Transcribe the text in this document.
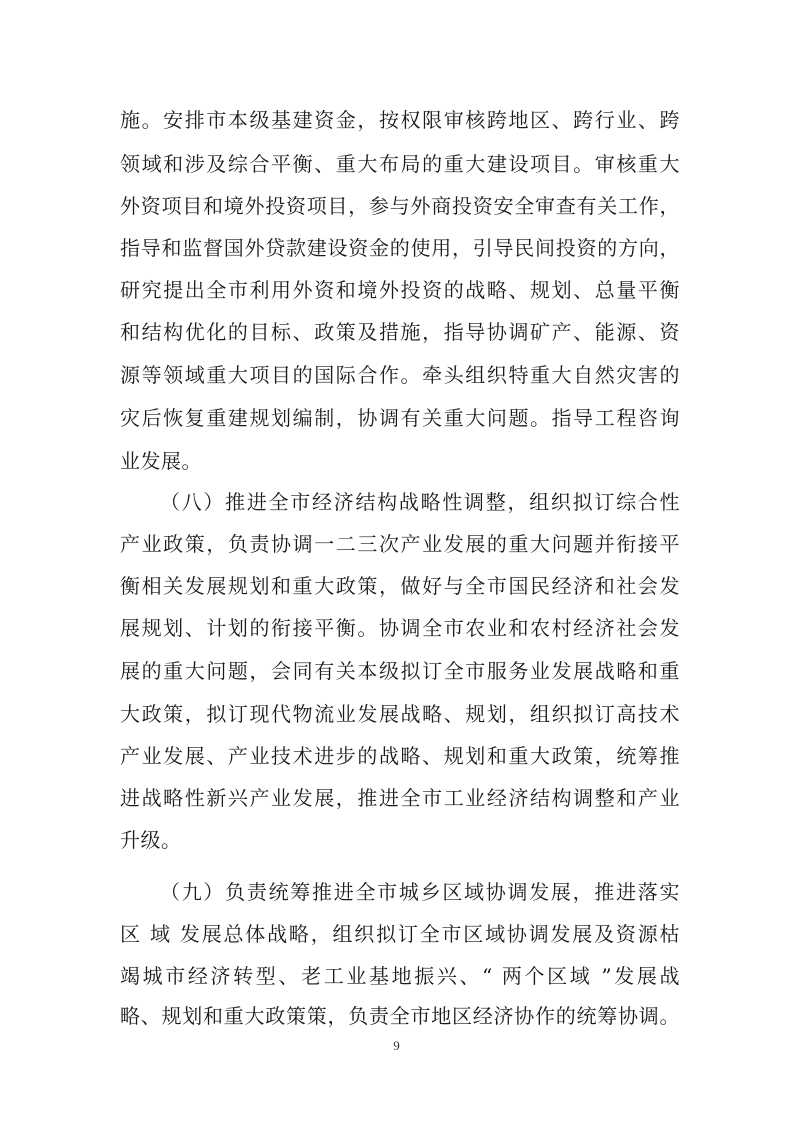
施。安排市本级基建资金，按权限审核跨地区、跨行业、跨
领域和涉及综合平衡、重大布局的重大建设项目。审核重大
外资项目和境外投资项目，参与外商投资安全审查有关工作，
指导和监督国外贷款建设资金的使用，引导民间投资的方向，
研究提出全市利用外资和境外投资的战略、规划、总量平衡
和结构优化的目标、政策及措施，指导协调矿产、能源、资
源等领域重大项目的国际合作。牵头组织特重大自然灾害的
灾后恢复重建规划编制，协调有关重大问题。指导工程咨询
业发展。
（八）推进全市经济结构战略性调整，组织拟订综合性
产业政策，负责协调一二三次产业发展的重大问题并衔接平
衡相关发展规划和重大政策，做好与全市国民经济和社会发
展规划、计划的衔接平衡。协调全市农业和农村经济社会发
展的重大问题，会同有关本级拟订全市服务业发展战略和重
大政策，拟订现代物流业发展战略、规划，组织拟订高技术
产业发展、产业技术进步的战略、规划和重大政策，统筹推
进战略性新兴产业发展，推进全市工业经济结构调整和产业
升级。
（九）负责统筹推进全市城乡区域协调发展，推进落实
区 域 发展总体战略，组织拟订全市区域协调发展及资源枯
竭城市经济转型、老工业基地振兴、“ 两个区域 ”发展战
略、规划和重大政策策，负责全市地区经济协作的统筹协调。
9
